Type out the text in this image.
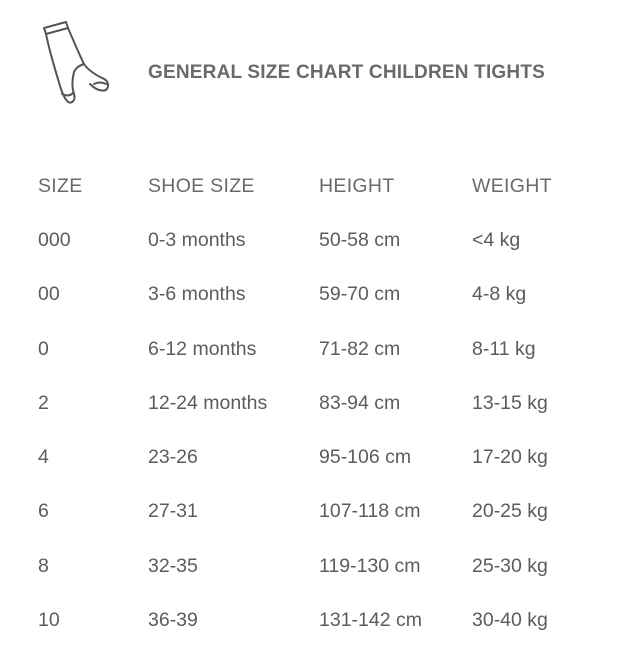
GENERAL SIZE CHART CHILDREN TIGHTS
SIZE	SHOE SIZE	HEIGHT	WEIGHT
000	0-3 months	50-58 cm	<4 kg
00	3-6 months	59-70 cm	4-8 kg
0	6-12 months	71-82 cm	8-11 kg
2	12-24 months	83-94 cm	13-15 kg
4	23-26	95-106 cm	17-20 kg
6	27-31	107-118 cm	20-25 kg
8	32-35	119-130 cm	25-30 kg
10	36-39	131-142 cm	30-40 kg
